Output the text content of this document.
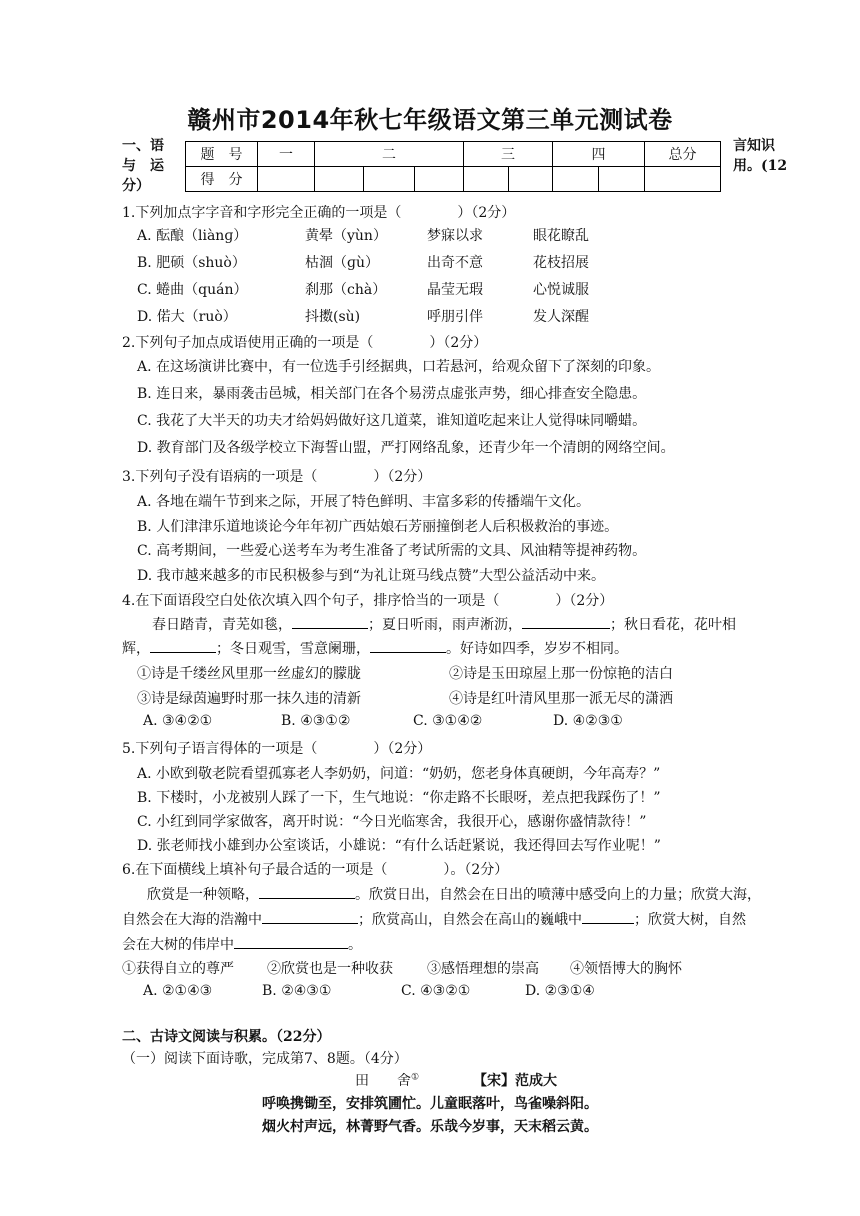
赣州市2014年秋七年级语文第三单元测试卷
一、语
与　运
分）
言知识
用。(12
题　号	一	二			三		四		总分
得　分									
1.下列加点字字音和字形完全正确的一项是（　　　　）（2分）
A. 酝酿（liànɡ）	黄晕（yùn）	梦寐以求	眼花瞭乱
B. 肥硕（shuò）	枯涸（ɡù）	出奇不意	花枝招展
C. 蜷曲（quán）	刹那（chà）	晶莹无瑕	心悦诚服
D. 偌大（ruò）	抖擞(sù)	呼朋引伴	发人深醒
2.下列句子加点成语使用正确的一项是（　　　　）（2分）
A. 在这场演讲比赛中，有一位选手引经据典，口若悬河，给观众留下了深刻的印象。
B. 连日来，暴雨袭击邑城，相关部门在各个易涝点虚张声势，细心排查安全隐患。
C. 我花了大半天的功夫才给妈妈做好这几道菜，谁知道吃起来让人觉得味同嚼蜡。
D. 教育部门及各级学校立下海誓山盟，严打网络乱象，还青少年一个清朗的网络空间。
3.下列句子没有语病的一项是（　　　　）（2分）
A. 各地在端午节到来之际，开展了特色鲜明、丰富多彩的传播端午文化。
B. 人们津津乐道地谈论今年年初广西姑娘石芳丽撞倒老人后积极救治的事迹。
C. 高考期间，一些爱心送考车为考生准备了考试所需的文具、风油精等提神药物。
D. 我市越来越多的市民积极参与到“为礼让斑马线点赞”大型公益活动中来。
4.在下面语段空白处依次填入四个句子，排序恰当的一项是（　　　　）（2分）
春日踏青，青芜如毯，	；夏日听雨，雨声淅沥，	；秋日看花，花叶相
辉，	；冬日观雪，雪意阑珊，	。好诗如四季，岁岁不相同。
①诗是千缕丝风里那一丝虚幻的朦胧	②诗是玉田琼屋上那一份惊艳的洁白
③诗是绿茵遍野时那一抹久违的清新	④诗是红叶清风里那一派无尽的潇洒
A. ③④②①	B. ④③①②	C. ③①④②	D. ④②③①
5.下列句子语言得体的一项是（　　　　）（2分）
A. 小欧到敬老院看望孤寡老人李奶奶，问道：“奶奶，您老身体真硬朗，今年高寿？”
B. 下楼时，小龙被别人踩了一下，生气地说：“你走路不长眼呀，差点把我踩伤了！”
C. 小红到同学家做客，离开时说：“今日光临寒舍，我很开心，感谢你盛情款待！”
D. 张老师找小雄到办公室谈话，小雄说：“有什么话赶紧说，我还得回去写作业呢！”
6.在下面横线上填补句子最合适的一项是（　　　　）。（2分）
欣赏是一种领略，	。欣赏日出，自然会在日出的喷薄中感受向上的力量；欣赏大海，
自然会在大海的浩瀚中	；欣赏高山，自然会在高山的巍峨中	；欣赏大树，自然
会在大树的伟岸中	。
①获得自立的尊严 ②欣赏也是一种收获 ③感悟理想的崇高 ④领悟博大的胸怀
A. ②①④③	B. ②④③①	C. ④③②①	D. ②③①④
二、古诗文阅读与积累。（22分）
（一）阅读下面诗歌，完成第7、8题。（4分）
田　　舍①	【宋】范成大
呼唤携锄至，安排筑圃忙。儿童眠落叶，鸟雀噪斜阳。
烟火村声远，林菁野气香。乐哉今岁事，天末稻云黄。
